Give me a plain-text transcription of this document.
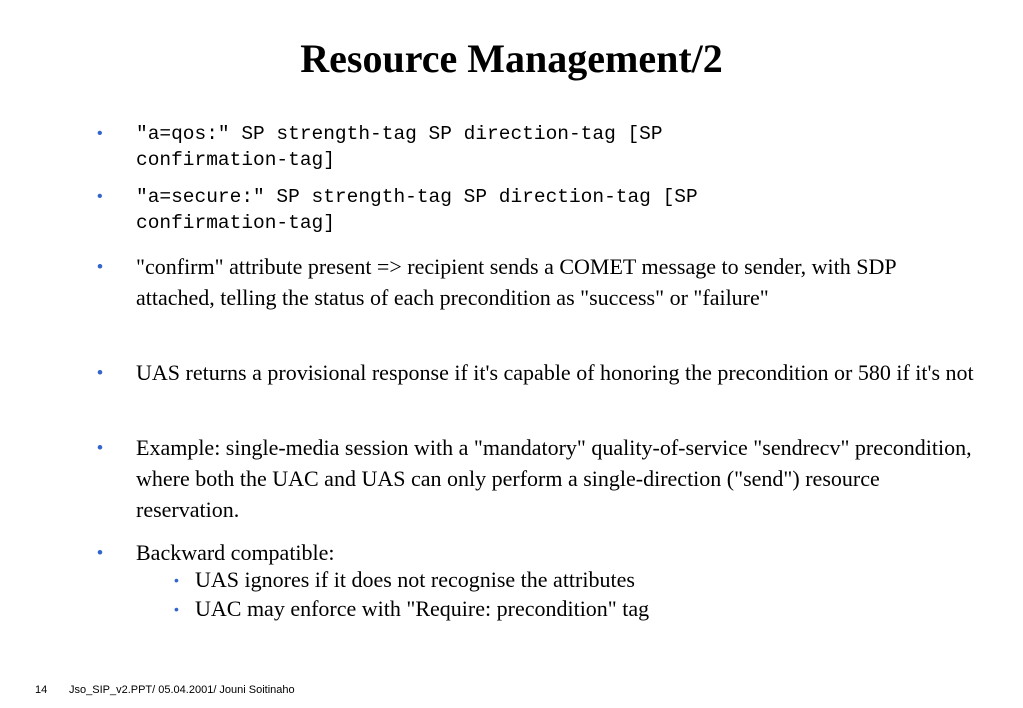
Resource Management/2
• "a=qos:" SP strength-tag SP direction-tag [SP confirmation-tag]
• "a=secure:" SP strength-tag SP direction-tag [SP confirmation-tag]
• "confirm" attribute present => recipient sends a COMET message to sender, with SDP attached, telling the status of each precondition as "success" or "failure"
• UAS returns a provisional response if it's capable of honoring the precondition or 580 if it's not
• Example: single-media session with a "mandatory" quality-of-service "sendrecv" precondition, where both the UAC and UAS can only perform a single-direction ("send") resource reservation.
• Backward compatible:
• UAS ignores if it does not recognise the attributes
• UAC may enforce with "Require: precondition" tag
14 Jso_SIP_v2.PPT/ 05.04.2001/ Jouni Soitinaho
